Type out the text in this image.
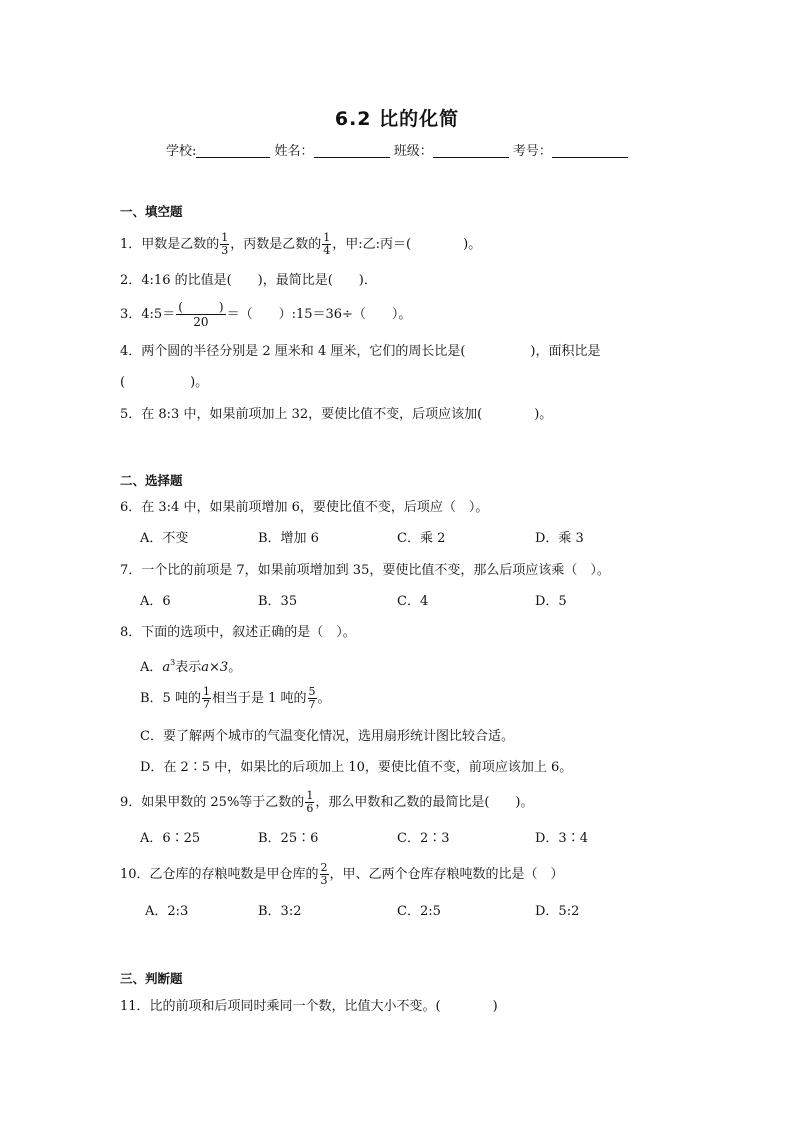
6.2 比的化简
学校:	姓名：	班级：	考号：
一、填空题
1．甲数是乙数的 $\frac{1}{3}$ ，丙数是乙数的 $\frac{1}{4}$ ，甲:乙:丙＝(	)。
2．4:16 的比值是(　　)，最简比是(　　)．
3．4:5＝ $\frac{( )}{20}$ ＝（　　）:15＝36÷（　　）。
4．两个圆的半径分别是 2 厘米和 4 厘米，它们的周长比是(　　　　　)，面积比是
(　　　　　)。
5．在 8:3 中，如果前项加上 32，要使比值不变，后项应该加(　　　　)。
二、选择题
6．在 3:4 中，如果前项增加 6，要使比值不变，后项应（　）。
A．不变	B．增加 6	C．乘 2	D．乘 3
7．一个比的前项是 7，如果前项增加到 35，要使比值不变，那么后项应该乘（　）。
A．6	B．35	C．4	D．5
8．下面的选项中，叙述正确的是（　）。
A．$a^3$表示a×3。
B．5 吨的 $\frac{1}{7}$ 相当于是 1 吨的 $\frac{5}{7}$ 。
C．要了解两个城市的气温变化情况，选用扇形统计图比较合适。
D．在 2∶5 中，如果比的后项加上 10，要使比值不变，前项应该加上 6。
9．如果甲数的 25%等于乙数的 $\frac{1}{6}$ ，那么甲数和乙数的最简比是(　　)。
A．6∶25	B．25∶6	C．2∶3	D．3∶4
10．乙仓库的存粮吨数是甲仓库的 $\frac{2}{3}$ ，甲、乙两个仓库存粮吨数的比是（　）
A．2:3	B．3:2	C．2:5	D．5:2
三、判断题
11．比的前项和后项同时乘同一个数，比值大小不变。(　　　　)
